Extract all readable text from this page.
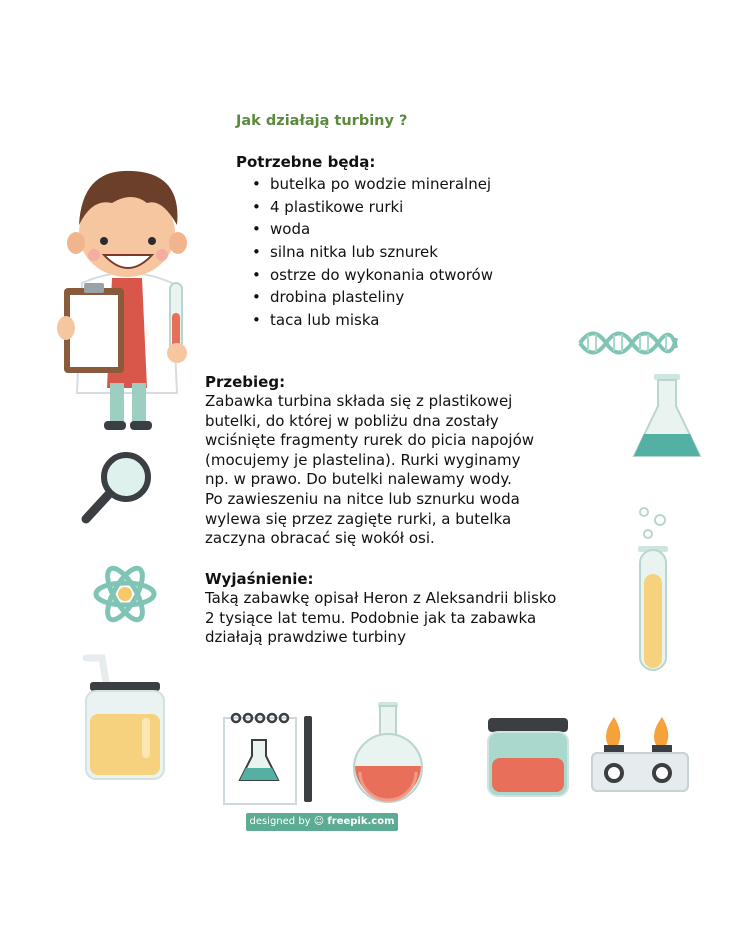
Jak działają turbiny ?
Potrzebne będą:
• butelka po wodzie mineralnej
• 4 plastikowe rurki
• woda
• silna nitka lub sznurek
• ostrze do wykonania otworów
• drobina plasteliny
• taca lub miska
Przebieg:
Zabawka turbina składa się z plastikowej
butelki, do której w pobliżu dna zostały
wciśnięte fragmenty rurek do picia napojów
(mocujemy je plastelina). Rurki wyginamy
np. w prawo. Do butelki nalewamy wody.
Po zawieszeniu na nitce lub sznurku woda
wylewa się przez zagięte rurki, a butelka
zaczyna obracać się wokół osi.
Wyjaśnienie:
Taką zabawkę opisał Heron z Aleksandrii blisko
2 tysiące lat temu. Podobnie jak ta zabawka
działają prawdziwe turbiny
designed by ☺ freepik.com
